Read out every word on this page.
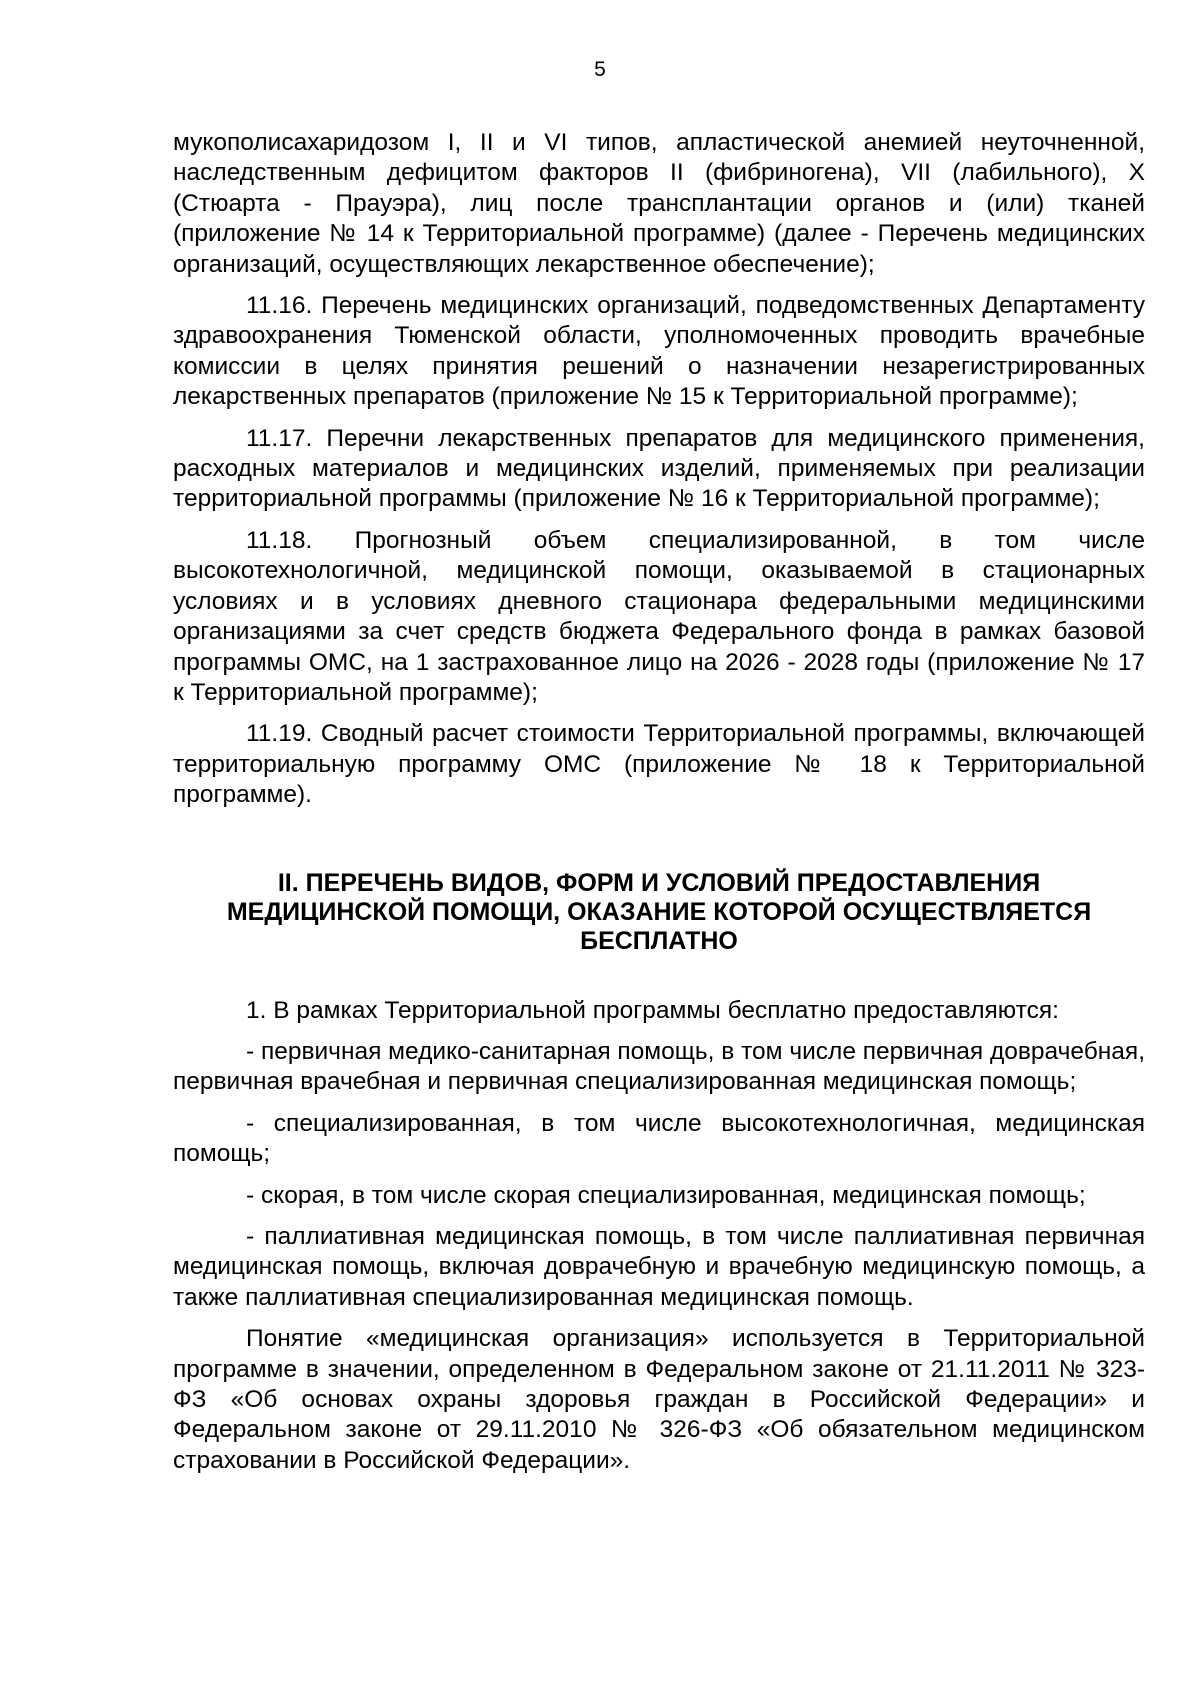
5

мукополисахаридозом I, II и VI типов, апластической анемией неуточненной, наследственным дефицитом факторов II (фибриногена), VII (лабильного), X (Стюарта - Прауэра), лиц после трансплантации органов и (или) тканей (приложение № 14 к Территориальной программе) (далее - Перечень медицинских организаций, осуществляющих лекарственное обеспечение);

11.16. Перечень медицинских организаций, подведомственных Департаменту здравоохранения Тюменской области, уполномоченных проводить врачебные комиссии в целях принятия решений о назначении незарегистрированных лекарственных препаратов (приложение № 15 к Территориальной программе);

11.17. Перечни лекарственных препаратов для медицинского применения, расходных материалов и медицинских изделий, применяемых при реализации территориальной программы (приложение № 16 к Территориальной программе);

11.18. Прогнозный объем специализированной, в том числе высокотехнологичной, медицинской помощи, оказываемой в стационарных условиях и в условиях дневного стационара федеральными медицинскими организациями за счет средств бюджета Федерального фонда в рамках базовой программы ОМС, на 1 застрахованное лицо на 2026 - 2028 годы (приложение № 17 к Территориальной программе);

11.19. Сводный расчет стоимости Территориальной программы, включающей территориальную программу ОМС (приложение № 18 к Территориальной программе).

II. ПЕРЕЧЕНЬ ВИДОВ, ФОРМ И УСЛОВИЙ ПРЕДОСТАВЛЕНИЯ
МЕДИЦИНСКОЙ ПОМОЩИ, ОКАЗАНИЕ КОТОРОЙ ОСУЩЕСТВЛЯЕТСЯ
БЕСПЛАТНО

1. В рамках Территориальной программы бесплатно предоставляются:

- первичная медико-санитарная помощь, в том числе первичная доврачебная, первичная врачебная и первичная специализированная медицинская помощь;

- специализированная, в том числе высокотехнологичная, медицинская помощь;

- скорая, в том числе скорая специализированная, медицинская помощь;

- паллиативная медицинская помощь, в том числе паллиативная первичная медицинская помощь, включая доврачебную и врачебную медицинскую помощь, а также паллиативная специализированная медицинская помощь.

Понятие «медицинская организация» используется в Территориальной программе в значении, определенном в Федеральном законе от 21.11.2011 № 323-ФЗ «Об основах охраны здоровья граждан в Российской Федерации» и Федеральном законе от 29.11.2010 № 326-ФЗ «Об обязательном медицинском страховании в Российской Федерации».
